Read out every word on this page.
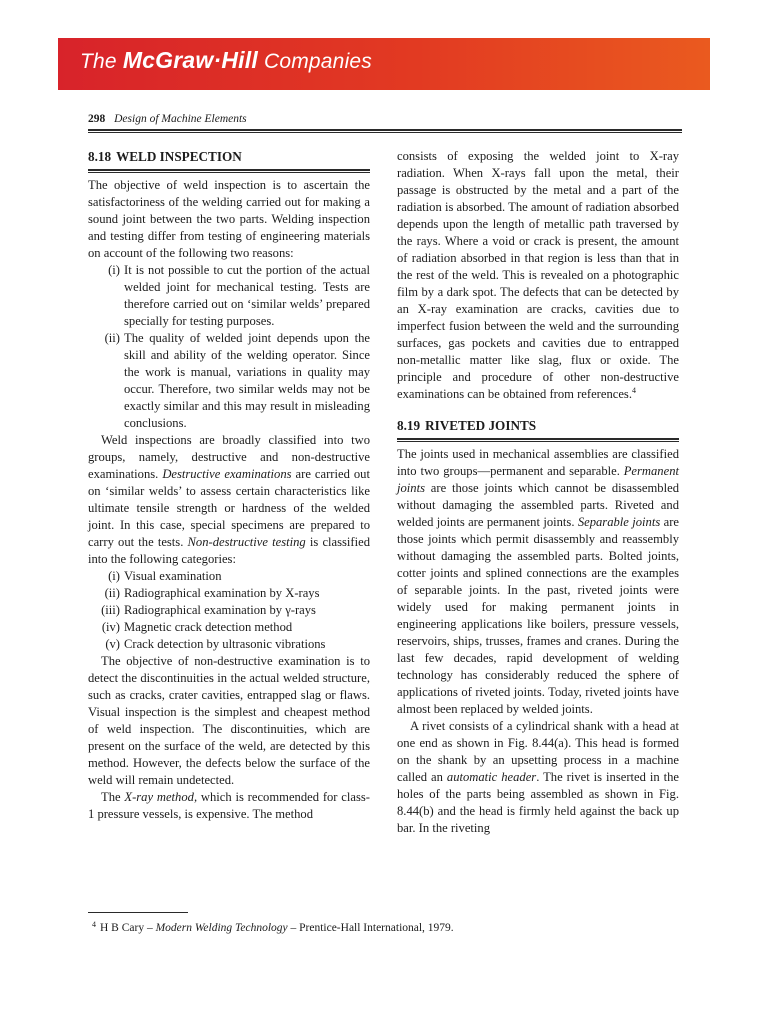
The McGraw·Hill Companies
298 Design of Machine Elements
8.18 WELD INSPECTION

The objective of weld inspection is to ascertain the satisfactoriness of the welding carried out for making a sound joint between the two parts. Welding inspection and testing differ from testing of engineering materials on account of the following two reasons:

(i) It is not possible to cut the portion of the actual welded joint for mechanical testing. Tests are therefore carried out on ‘similar welds’ prepared specially for testing purposes.
(ii) The quality of welded joint depends upon the skill and ability of the welding operator. Since the work is manual, variations in quality may occur. Therefore, two similar welds may not be exactly similar and this may result in misleading conclusions.

Weld inspections are broadly classified into two groups, namely, destructive and non-destructive examinations. Destructive examinations are carried out on ‘similar welds’ to assess certain characteristics like ultimate tensile strength or hardness of the welded joint. In this case, special specimens are prepared to carry out the tests. Non-destructive testing is classified into the following categories:

(i) Visual examination
(ii) Radiographical examination by X-rays
(iii) Radiographical examination by γ-rays
(iv) Magnetic crack detection method
(v) Crack detection by ultrasonic vibrations

The objective of non-destructive examination is to detect the discontinuities in the actual welded structure, such as cracks, crater cavities, entrapped slag or flaws. Visual inspection is the simplest and cheapest method of weld inspection. The discontinuities, which are present on the surface of the weld, are detected by this method. However, the defects below the surface of the weld will remain undetected.

The X-ray method, which is recommended for class-1 pressure vessels, is expensive. The method

consists of exposing the welded joint to X-ray radiation. When X-rays fall upon the metal, their passage is obstructed by the metal and a part of the radiation is absorbed. The amount of radiation absorbed depends upon the length of metallic path traversed by the rays. Where a void or crack is present, the amount of radiation absorbed in that region is less than that in the rest of the weld. This is revealed on a photographic film by a dark spot. The defects that can be detected by an X-ray examination are cracks, cavities due to imperfect fusion between the weld and the surrounding surfaces, gas pockets and cavities due to entrapped non-metallic matter like slag, flux or oxide. The principle and procedure of other non-destructive examinations can be obtained from references.$^4$

8.19 RIVETED JOINTS

The joints used in mechanical assemblies are classified into two groups—permanent and separable. Permanent joints are those joints which cannot be disassembled without damaging the assembled parts. Riveted and welded joints are permanent joints. Separable joints are those joints which permit disassembly and reassembly without damaging the assembled parts. Bolted joints, cotter joints and splined connections are the examples of separable joints. In the past, riveted joints were widely used for making permanent joints in engineering applications like boilers, pressure vessels, reservoirs, ships, trusses, frames and cranes. During the last few decades, rapid development of welding technology has considerably reduced the sphere of applications of riveted joints. Today, riveted joints have almost been replaced by welded joints.

A rivet consists of a cylindrical shank with a head at one end as shown in Fig. 8.44(a). This head is formed on the shank by an upsetting process in a machine called an automatic header. The rivet is inserted in the holes of the parts being assembled as shown in Fig. 8.44(b) and the head is firmly held against the back up bar. In the riveting

$^4$ H B Cary – Modern Welding Technology – Prentice-Hall International, 1979.
